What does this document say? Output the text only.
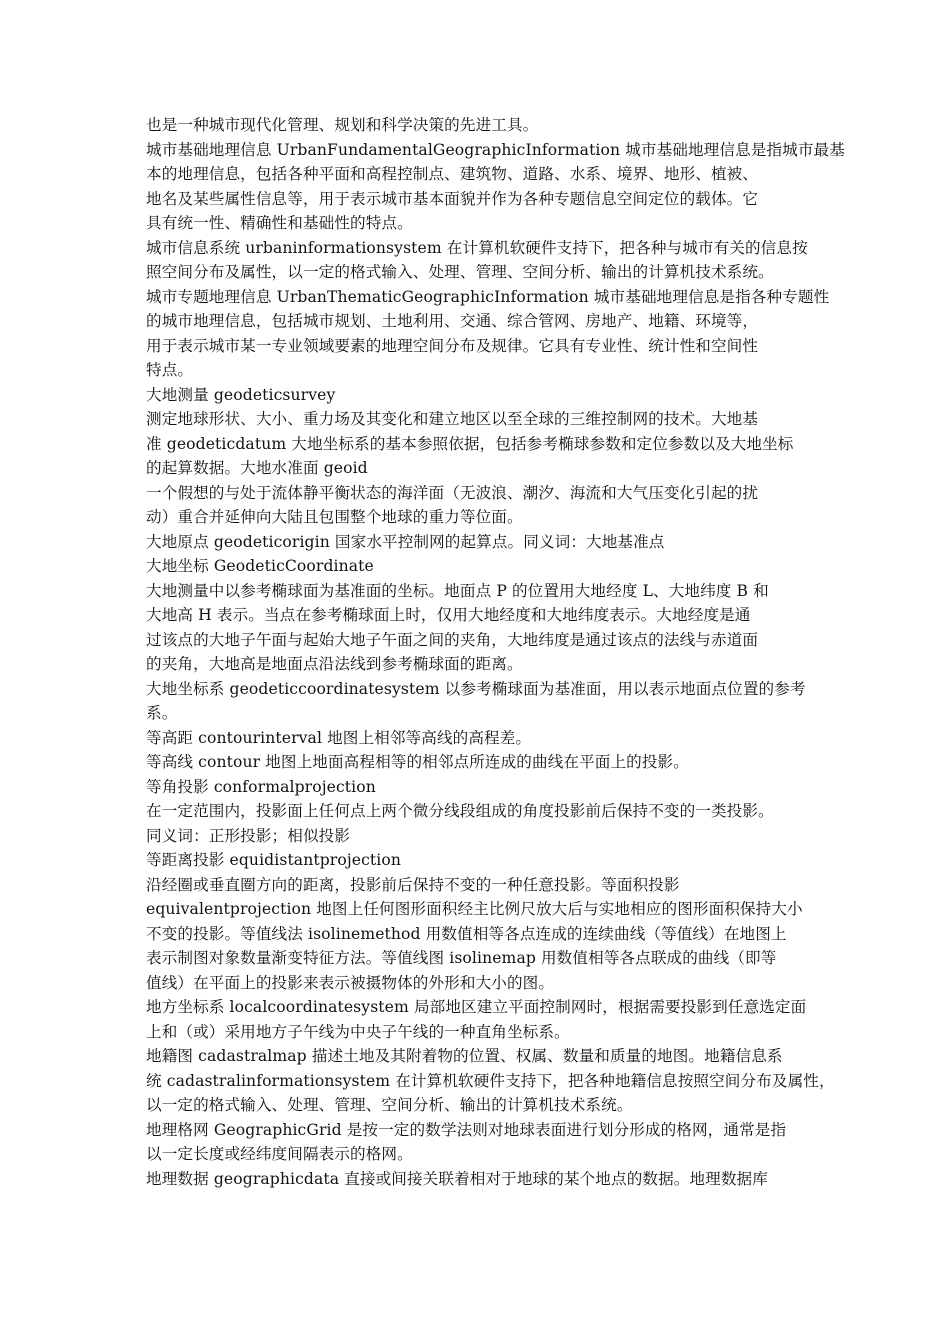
也是一种城市现代化管理、规划和科学决策的先进工具。
城市基础地理信息 UrbanFundamentalGeographicInformation 城市基础地理信息是指城市最基
本的地理信息，包括各种平面和高程控制点、建筑物、道路、水系、境界、地形、植被、
地名及某些属性信息等，用于表示城市基本面貌并作为各种专题信息空间定位的载体。它
具有统一性、精确性和基础性的特点。
城市信息系统 urbaninformationsystem 在计算机软硬件支持下，把各种与城市有关的信息按
照空间分布及属性，以一定的格式输入、处理、管理、空间分析、输出的计算机技术系统。
城市专题地理信息 UrbanThematicGeographicInformation 城市基础地理信息是指各种专题性
的城市地理信息，包括城市规划、土地利用、交通、综合管网、房地产、地籍、环境等，
用于表示城市某一专业领域要素的地理空间分布及规律。它具有专业性、统计性和空间性
特点。
大地测量 geodeticsurvey
测定地球形状、大小、重力场及其变化和建立地区以至全球的三维控制网的技术。大地基
准 geodeticdatum 大地坐标系的基本参照依据，包括参考椭球参数和定位参数以及大地坐标
的起算数据。大地水准面 geoid
一个假想的与处于流体静平衡状态的海洋面（无波浪、潮汐、海流和大气压变化引起的扰
动）重合并延伸向大陆且包围整个地球的重力等位面。
大地原点 geodeticorigin 国家水平控制网的起算点。同义词：大地基准点
大地坐标 GeodeticCoordinate
大地测量中以参考椭球面为基准面的坐标。地面点 P 的位置用大地经度 L、大地纬度 B 和
大地高 H 表示。当点在参考椭球面上时，仅用大地经度和大地纬度表示。大地经度是通
过该点的大地子午面与起始大地子午面之间的夹角，大地纬度是通过该点的法线与赤道面
的夹角，大地高是地面点沿法线到参考椭球面的距离。
大地坐标系 geodeticcoordinatesystem 以参考椭球面为基准面，用以表示地面点位置的参考
系。
等高距 contourinterval 地图上相邻等高线的高程差。
等高线 contour 地图上地面高程相等的相邻点所连成的曲线在平面上的投影。
等角投影 conformalprojection
在一定范围内，投影面上任何点上两个微分线段组成的角度投影前后保持不变的一类投影。
同义词：正形投影；相似投影
等距离投影 equidistantprojection
沿经圈或垂直圈方向的距离，投影前后保持不变的一种任意投影。等面积投影
equivalentprojection 地图上任何图形面积经主比例尺放大后与实地相应的图形面积保持大小
不变的投影。等值线法 isolinemethod 用数值相等各点连成的连续曲线（等值线）在地图上
表示制图对象数量渐变特征方法。等值线图 isolinemap 用数值相等各点联成的曲线（即等
值线）在平面上的投影来表示被摄物体的外形和大小的图。
地方坐标系 localcoordinatesystem 局部地区建立平面控制网时，根据需要投影到任意选定面
上和（或）采用地方子午线为中央子午线的一种直角坐标系。
地籍图 cadastralmap 描述土地及其附着物的位置、权属、数量和质量的地图。地籍信息系
统 cadastralinformationsystem 在计算机软硬件支持下，把各种地籍信息按照空间分布及属性，
以一定的格式输入、处理、管理、空间分析、输出的计算机技术系统。
地理格网 GeographicGrid 是按一定的数学法则对地球表面进行划分形成的格网，通常是指
以一定长度或经纬度间隔表示的格网。
地理数据 geographicdata 直接或间接关联着相对于地球的某个地点的数据。地理数据库
